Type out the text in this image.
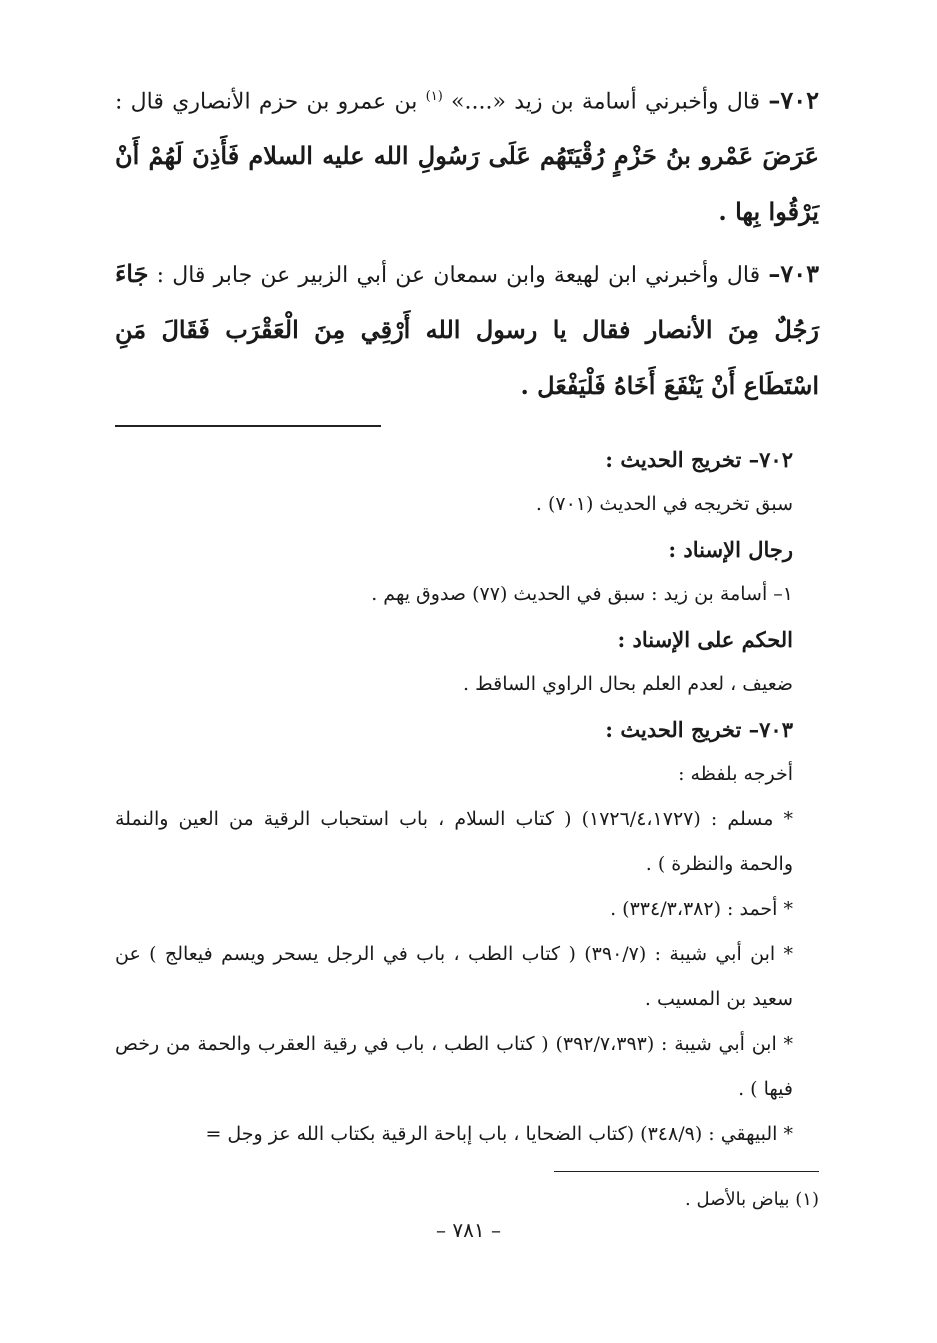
٧٠٢– قال وأخبرني أسامة بن زيد «....» $^{(١)}$ بن عمرو بن حزم الأنصاري قال : عَرَضَ عَمْرو بنُ حَزْمٍ رُقْيَتَهُم عَلَى رَسُولِ الله عليه السلام فَأَذِنَ لَهُمْ أَنْ يَرْقُوا بِها .

٧٠٣– قال وأخبرني ابن لهيعة وابن سمعان عن أبي الزبير عن جابر قال : جَاءَ رَجُلٌ مِنَ الأنصار فقال يا رسول الله أَرْقِي مِنَ الْعَقْرَب فَقَالَ مَنِ اسْتَطَاع أَنْ يَنْفَعَ أَخَاهُ فَلْيَفْعَل .

٧٠٢– تخريج الحديث :
سبق تخريجه في الحديث (٧٠١) .
رجال الإسناد :
١– أسامة بن زيد : سبق في الحديث (٧٧) صدوق يهم .
الحكم على الإسناد :
ضعيف ، لعدم العلم بحال الراوي الساقط .
٧٠٣– تخريج الحديث :
أخرجه بلفظه :
* مسلم : (١٧٢٦/٤،١٧٢٧) ( كتاب السلام ، باب استحباب الرقية من العين والنملة والحمة والنظرة ) .
* أحمد : (٣٣٤/٣،٣٨٢) .
* ابن أبي شيبة : (٣٩٠/٧) ( كتاب الطب ، باب في الرجل يسحر ويسم فيعالج ) عن سعيد بن المسيب .
* ابن أبي شيبة : (٣٩٢/٧،٣٩٣) ( كتاب الطب ، باب في رقية العقرب والحمة من رخص فيها ) .
* البيهقي : (٣٤٨/٩) (كتاب الضحايا ، باب إباحة الرقية بكتاب الله عز وجل =
(١) بياض بالأصل .
– ٧٨١ –
